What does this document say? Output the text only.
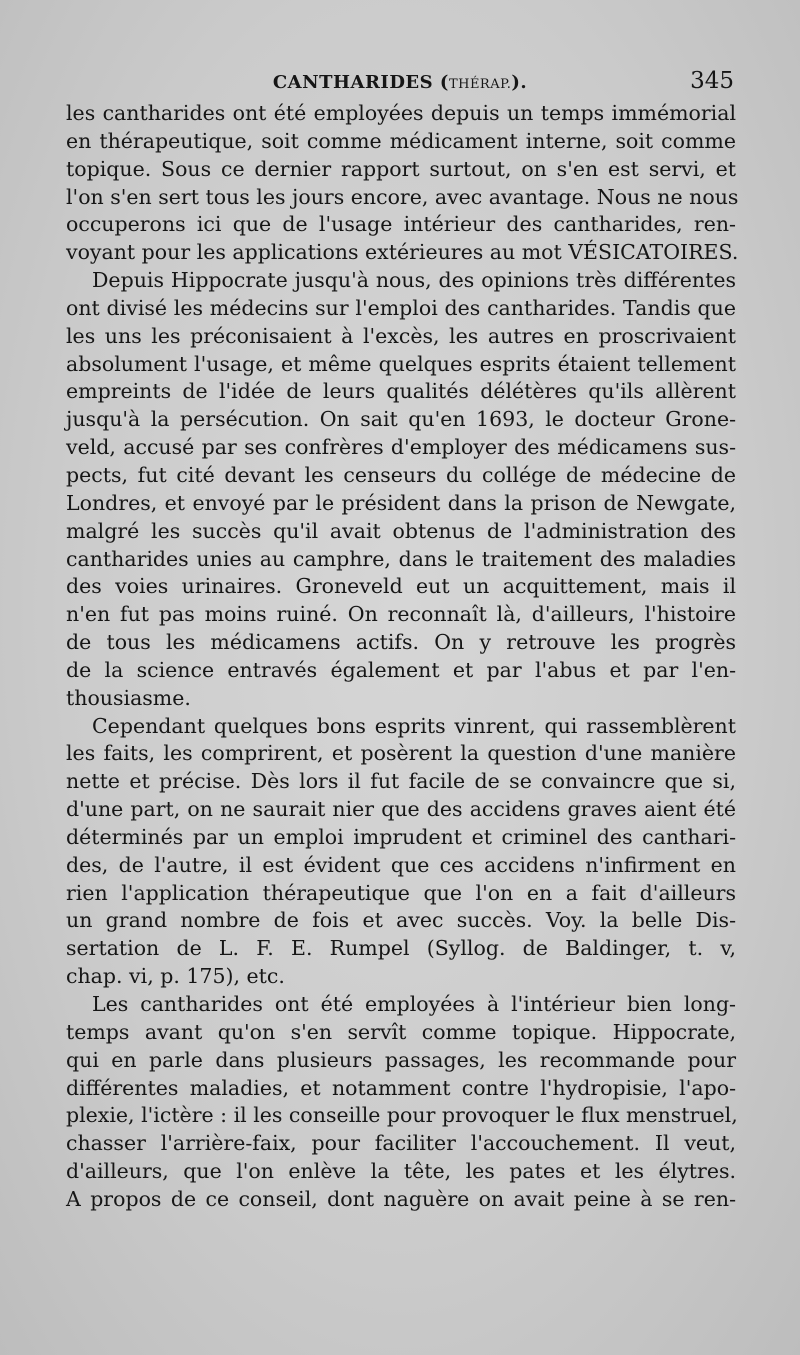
CANTHARIDES (THÉRAP.).	345
les cantharides ont été employées depuis un temps immémorial
en thérapeutique, soit comme médicament interne, soit comme
topique. Sous ce dernier rapport surtout, on s'en est servi, et
l'on s'en sert tous les jours encore, avec avantage. Nous ne nous
occuperons ici que de l'usage intérieur des cantharides, ren-
voyant pour les applications extérieures au mot VÉSICATOIRES.
Depuis Hippocrate jusqu'à nous, des opinions très différentes
ont divisé les médecins sur l'emploi des cantharides. Tandis que
les uns les préconisaient à l'excès, les autres en proscrivaient
absolument l'usage, et même quelques esprits étaient tellement
empreints de l'idée de leurs qualités délétères qu'ils allèrent
jusqu'à la persécution. On sait qu'en 1693, le docteur Grone-
veld, accusé par ses confrères d'employer des médicamens sus-
pects, fut cité devant les censeurs du collége de médecine de
Londres, et envoyé par le président dans la prison de Newgate,
malgré les succès qu'il avait obtenus de l'administration des
cantharides unies au camphre, dans le traitement des maladies
des voies urinaires. Groneveld eut un acquittement, mais il
n'en fut pas moins ruiné. On reconnaît là, d'ailleurs, l'histoire
de tous les médicamens actifs. On y retrouve les progrès
de la science entravés également et par l'abus et par l'en-
thousiasme.
Cependant quelques bons esprits vinrent, qui rassemblèrent
les faits, les comprirent, et posèrent la question d'une manière
nette et précise. Dès lors il fut facile de se convaincre que si,
d'une part, on ne saurait nier que des accidens graves aient été
déterminés par un emploi imprudent et criminel des canthari-
des, de l'autre, il est évident que ces accidens n'infirment en
rien l'application thérapeutique que l'on en a fait d'ailleurs
un grand nombre de fois et avec succès. Voy. la belle Dis-
sertation de L. F. E. Rumpel (Syllog. de Baldinger, t. v,
chap. vi, p. 175), etc.
Les cantharides ont été employées à l'intérieur bien long-
temps avant qu'on s'en servît comme topique. Hippocrate,
qui en parle dans plusieurs passages, les recommande pour
différentes maladies, et notamment contre l'hydropisie, l'apo-
plexie, l'ictère : il les conseille pour provoquer le flux menstruel,
chasser l'arrière-faix, pour faciliter l'accouchement. Il veut,
d'ailleurs, que l'on enlève la tête, les pates et les élytres.
A propos de ce conseil, dont naguère on avait peine à se ren-
